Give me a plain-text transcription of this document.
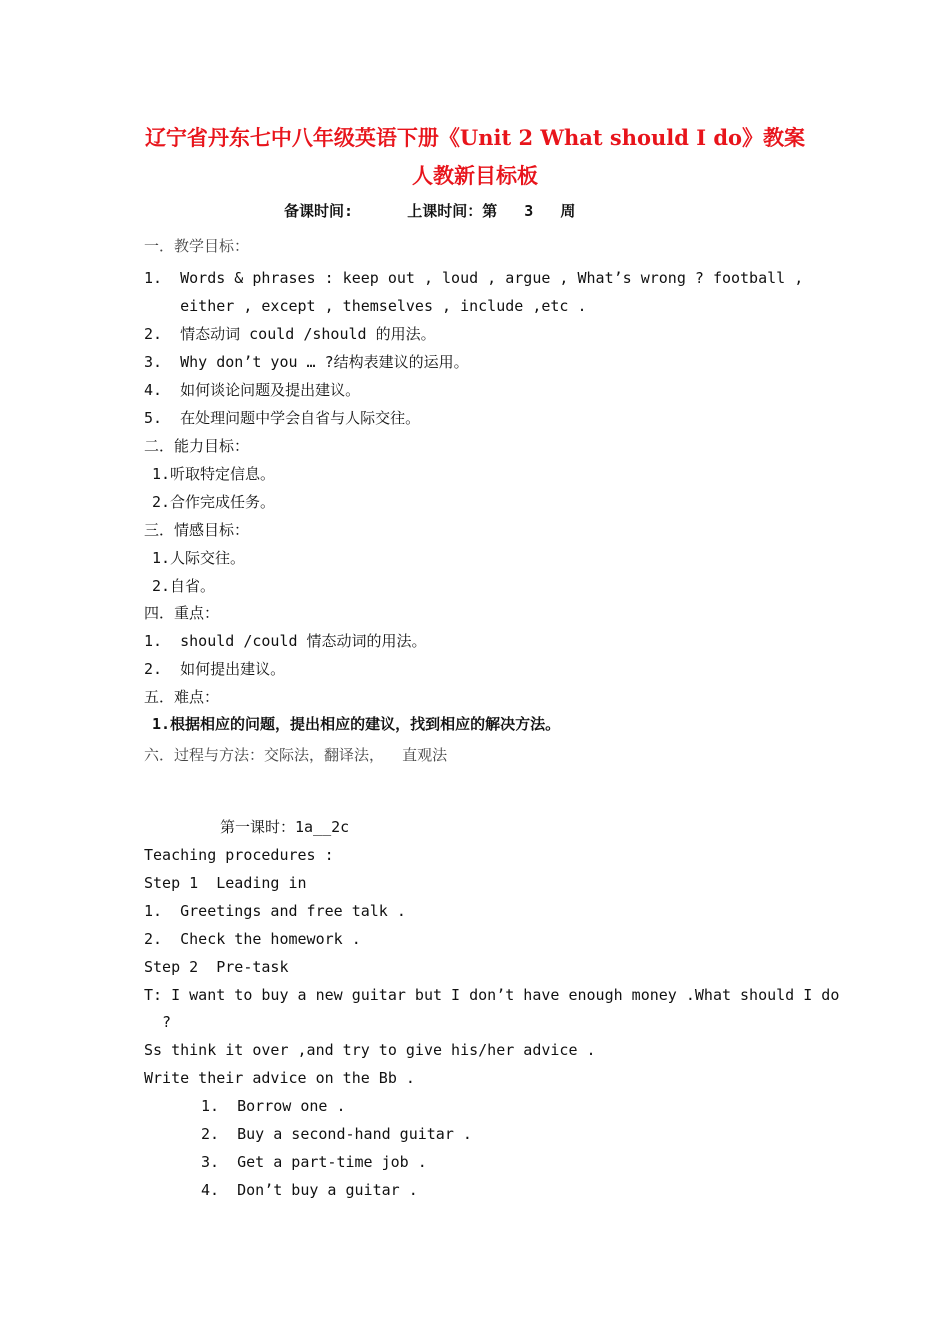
辽宁省丹东七中八年级英语下册《Unit 2 What should I do》教案
人教新目标板
备课时间:      上课时间：第   3   周
一．教学目标：
1.  Words & phrases : keep out , loud , argue , What’s wrong ? football ,
either , except , themselves , include ,etc .
2.  情态动词 could /should 的用法。
3.  Why don’t you … ?结构表建议的运用。
4.  如何谈论问题及提出建议。
5.  在处理问题中学会自省与人际交往。
二．能力目标：
1.听取特定信息。
2.合作完成任务。
三．情感目标：
1.人际交往。
2.自省。
四．重点：
1.  should /could 情态动词的用法。
2.  如何提出建议。
五．难点：
1.根据相应的问题，提出相应的建议，找到相应的解决方法。
六．过程与方法：交际法，翻译法，  直观法
第一课时：1a__2c
Teaching procedures :
Step 1  Leading in
1.  Greetings and free talk .
2.  Check the homework .
Step 2  Pre-task
T: I want to buy a new guitar but I don’t have enough money .What should I do
?
Ss think it over ,and try to give his/her advice .
Write their advice on the Bb .
1.  Borrow one .
2.  Buy a second-hand guitar .
3.  Get a part-time job .
4.  Don’t buy a guitar .
